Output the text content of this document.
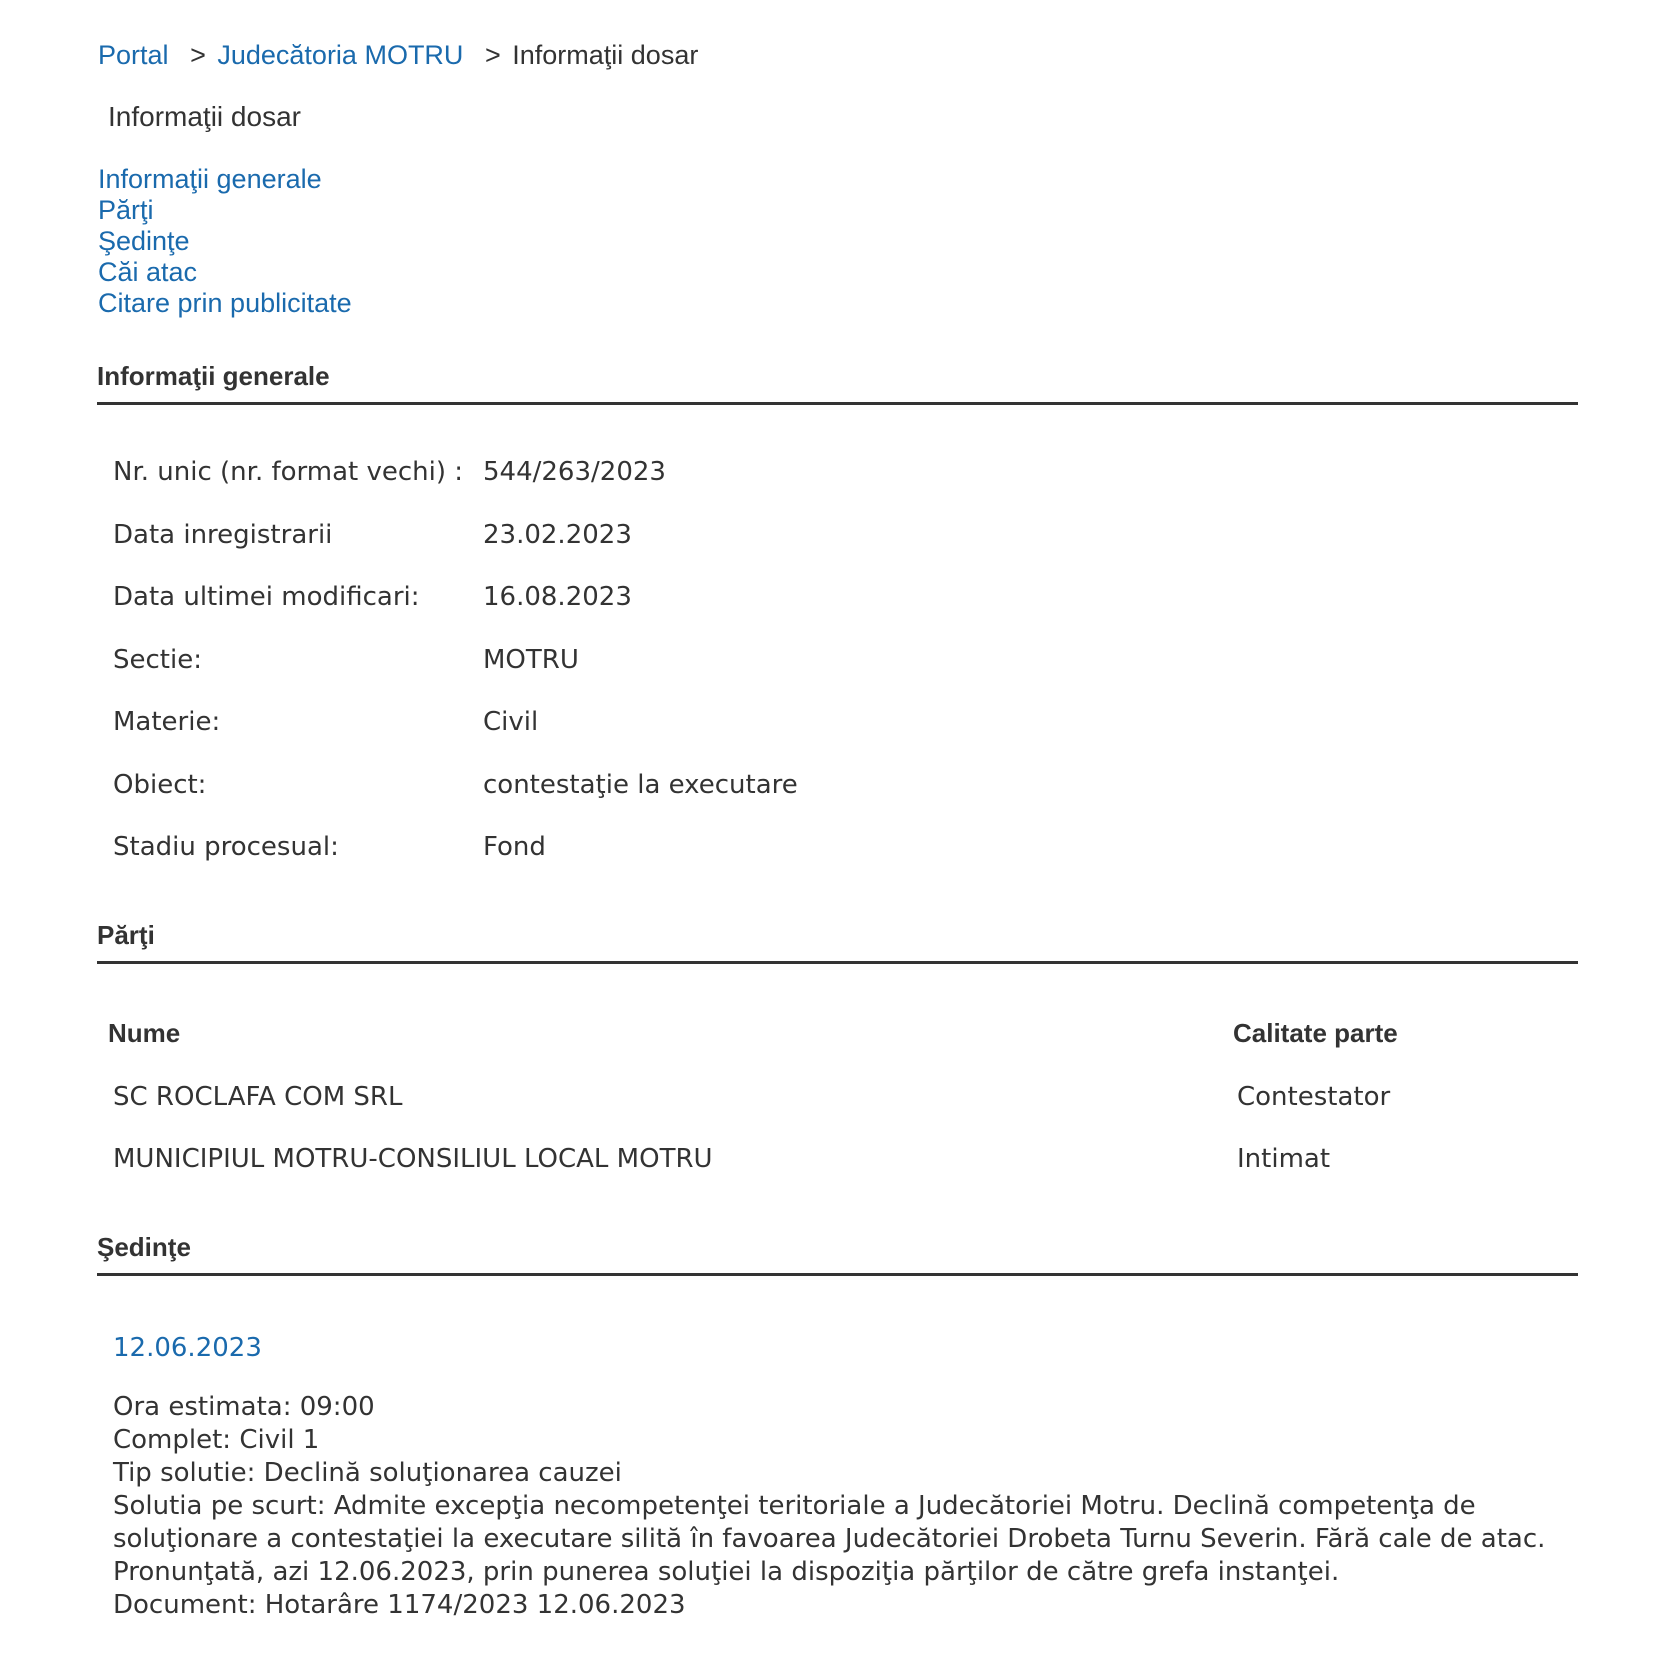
Portal > Judecătoria MOTRU > Informaţii dosar
Informaţii dosar
Informaţii generale
Părţi
Şedinţe
Căi atac
Citare prin publicitate
Informaţii generale
Nr. unic (nr. format vechi) : 544/263/2023
Data inregistrarii	23.02.2023
Data ultimei modificari: 16.08.2023
Sectie:	MOTRU
Materie:	Civil
Obiect:	contestaţie la executare
Stadiu procesual:	Fond
Părţi
Nume	Calitate parte
SC ROCLAFA COM SRL	Contestator
MUNICIPIUL MOTRU-CONSILIUL LOCAL MOTRU	Intimat
Şedinţe
12.06.2023
Ora estimata: 09:00
Complet: Civil 1
Tip solutie: Declină soluţionarea cauzei
Solutia pe scurt: Admite excepţia necompetenţei teritoriale a Judecătoriei Motru. Declină competenţa de soluţionare a contestaţiei la executare silită în favoarea Judecătoriei Drobeta Turnu Severin. Fără cale de atac. Pronunţată, azi 12.06.2023, prin punerea soluţiei la dispoziţia părţilor de către grefa instanţei.
Document: Hotarâre 1174/2023 12.06.2023
